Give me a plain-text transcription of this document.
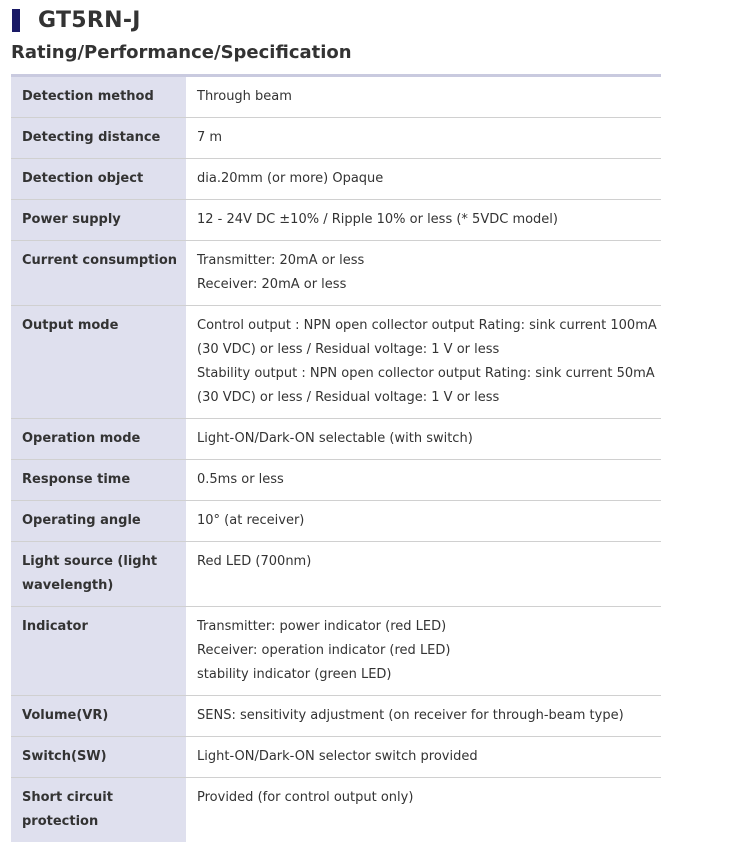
GT5RN-J
Rating/Performance/Specification
Detection method	Through beam

Detecting distance	7 m

Detection object	dia.20mm (or more) Opaque

Power supply	12 - 24V DC ±10% / Ripple 10% or less (* 5VDC model)

Current consumption	Transmitter: 20mA or less
Receiver: 20mA or less

Output mode	Control output : NPN open collector output Rating: sink current 100mA
(30 VDC) or less / Residual voltage: 1 V or less
Stability output : NPN open collector output Rating: sink current 50mA
(30 VDC) or less / Residual voltage: 1 V or less

Operation mode	Light-ON/Dark-ON selectable (with switch)

Response time	0.5ms or less

Operating angle	10° (at receiver)

Light source (light
wavelength)	Red LED (700nm)

Indicator	Transmitter: power indicator (red LED)
Receiver: operation indicator (red LED)
stability indicator (green LED)

Volume(VR)	SENS: sensitivity adjustment (on receiver for through-beam type)

Switch(SW)	Light-ON/Dark-ON selector switch provided

Short circuit
protection	Provided (for control output only)
